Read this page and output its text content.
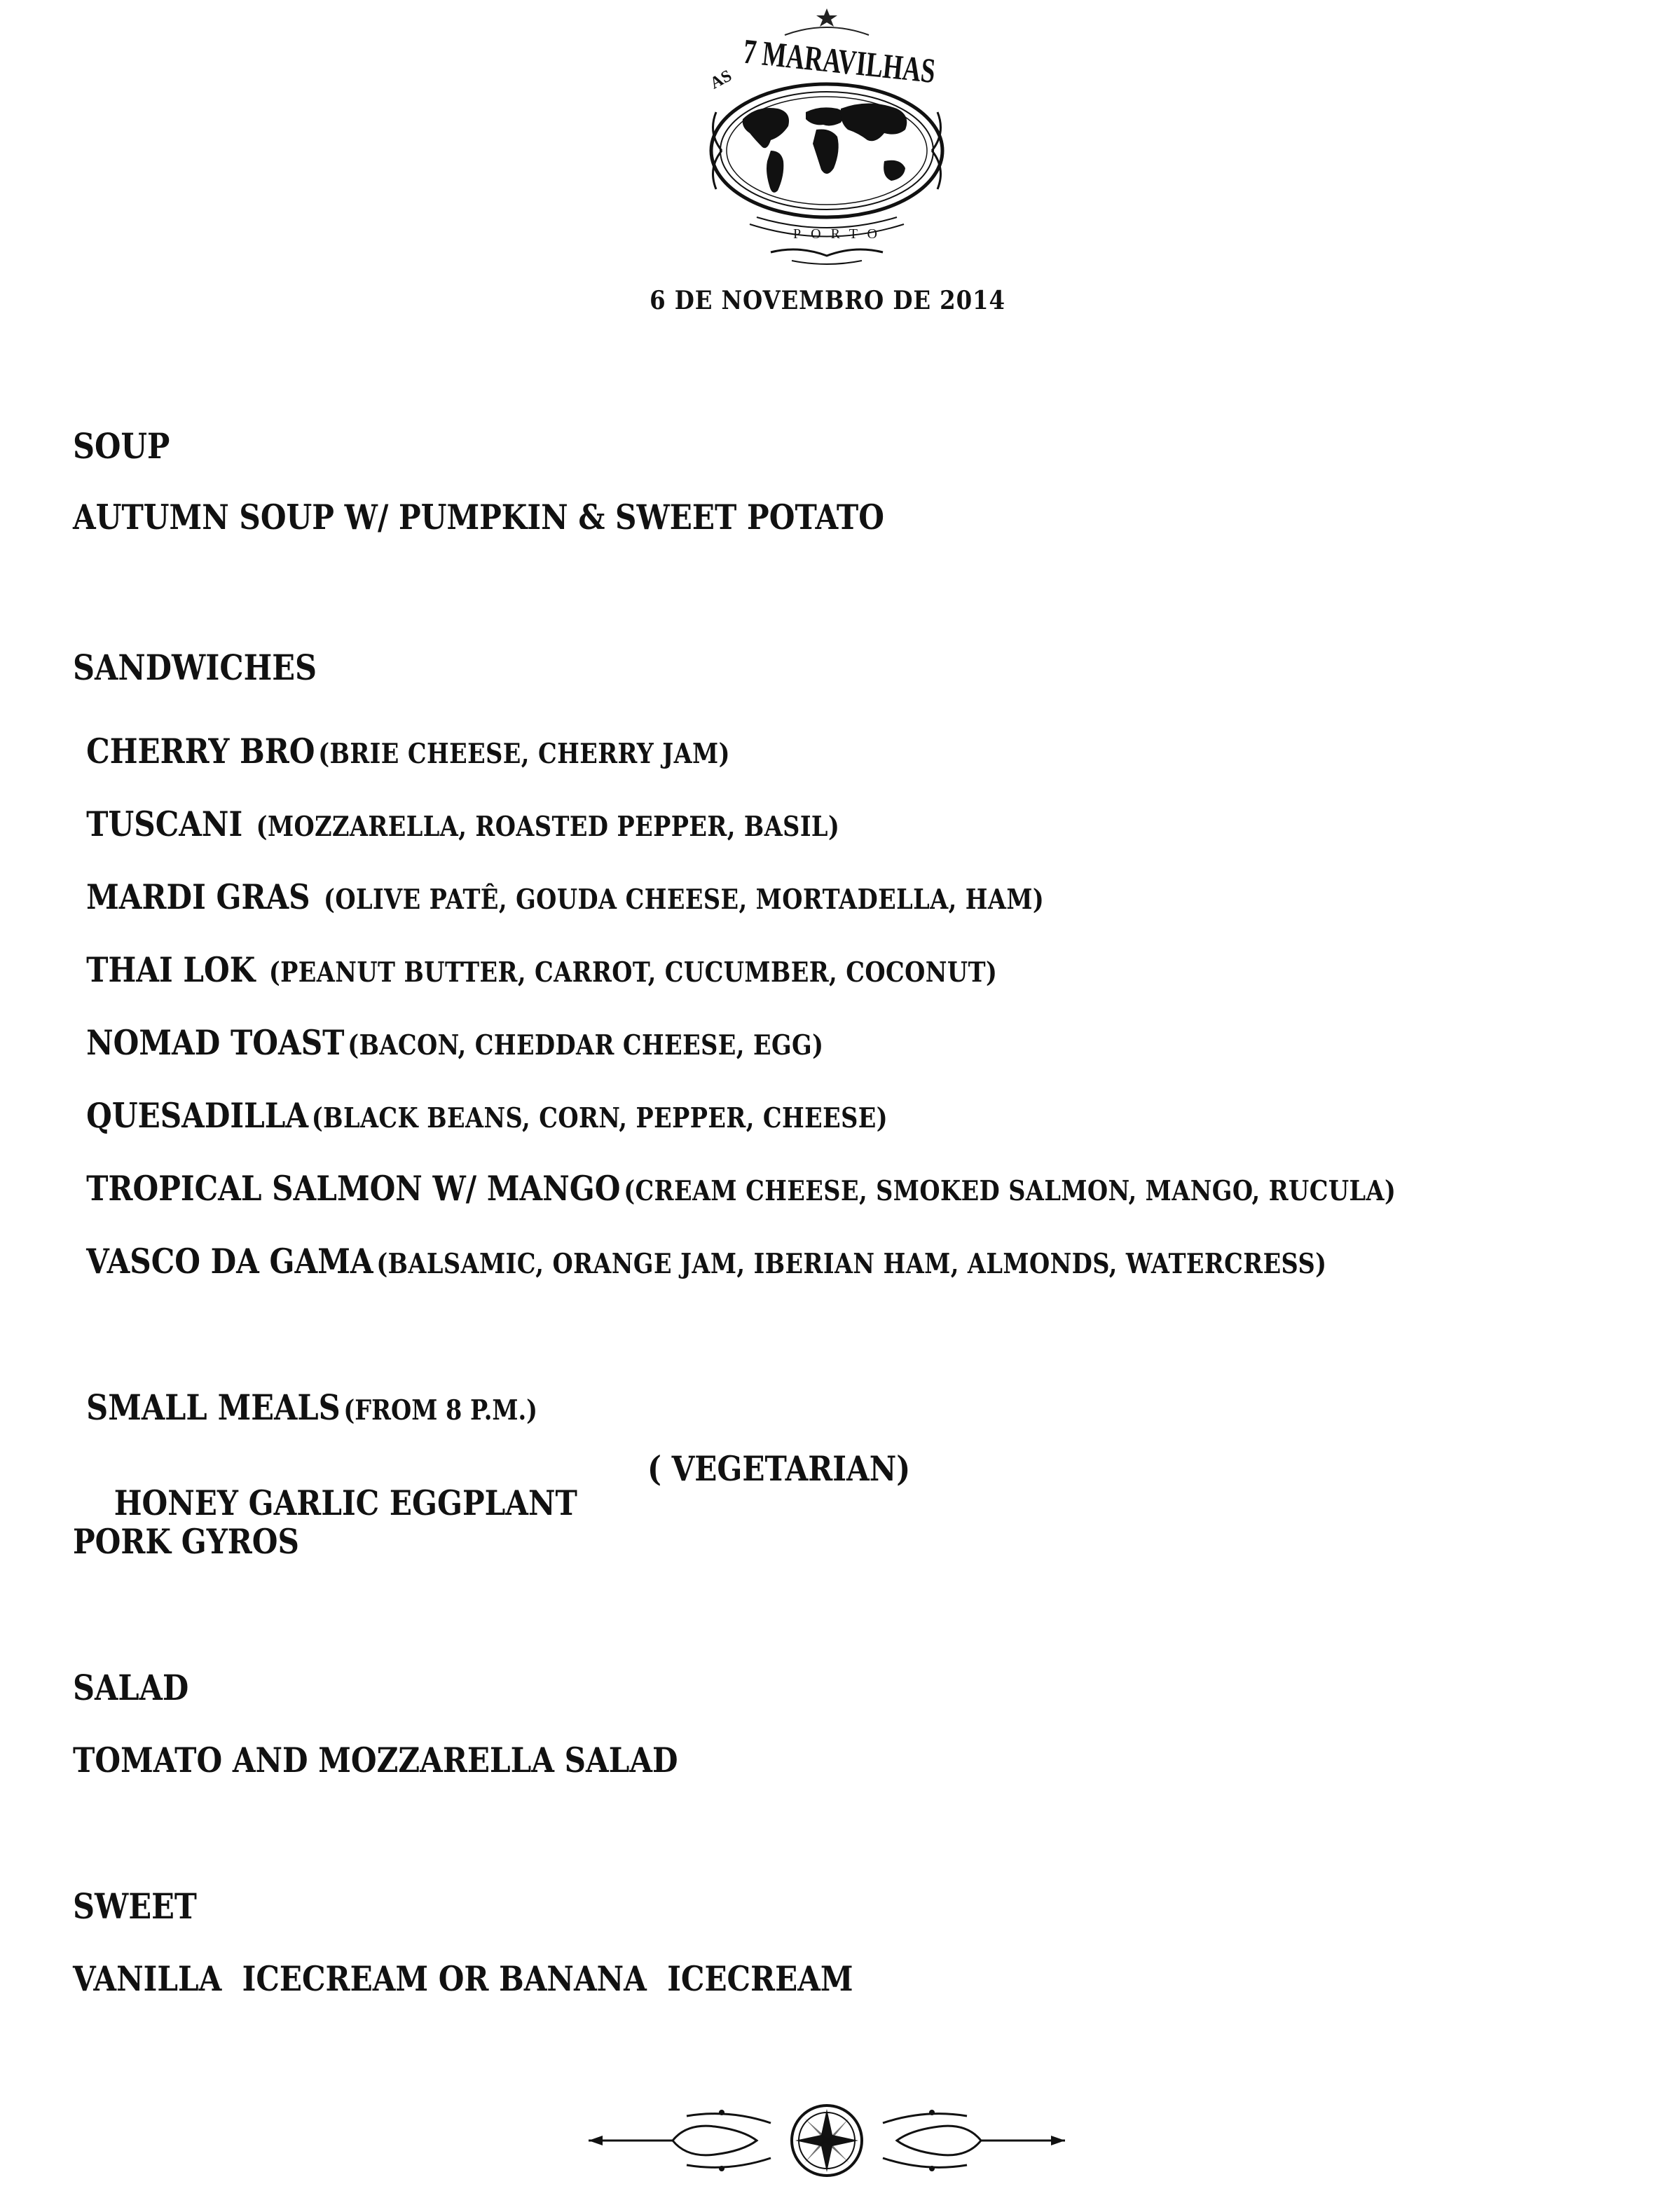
AS 7 MARAVILHAS
PORTO
6 DE NOVEMBRO DE 2014
SOUP
AUTUMN SOUP W/ PUMPKIN & SWEET POTATO
SANDWICHES

CHERRY BRO (BRIE CHEESE, CHERRY JAM)

TUSCANI  (MOZZARELLA, ROASTED PEPPER, BASIL)

MARDI GRAS  (OLIVE PATÊ, GOUDA CHEESE, MORTADELLA, HAM)

THAI LOK  (PEANUT BUTTER, CARROT, CUCUMBER, COCONUT)

NOMAD TOAST (BACON, CHEDDAR CHEESE, EGG)

QUESADILLA (BLACK BEANS, CORN, PEPPER, CHEESE)

TROPICAL SALMON W/ MANGO (CREAM CHEESE, SMOKED SALMON, MANGO, RUCULA)

VASCO DA GAMA (BALSAMIC, ORANGE JAM, IBERIAN HAM, ALMONDS, WATERCRESS)

SMALL MEALS (FROM 8 P.M.)

HONEY GARLIC EGGPLANT

( VEGETARIAN)
PORK GYROS
SALAD
TOMATO AND MOZZARELLA SALAD
SWEET
VANILLA  ICECREAM OR BANANA  ICECREAM
